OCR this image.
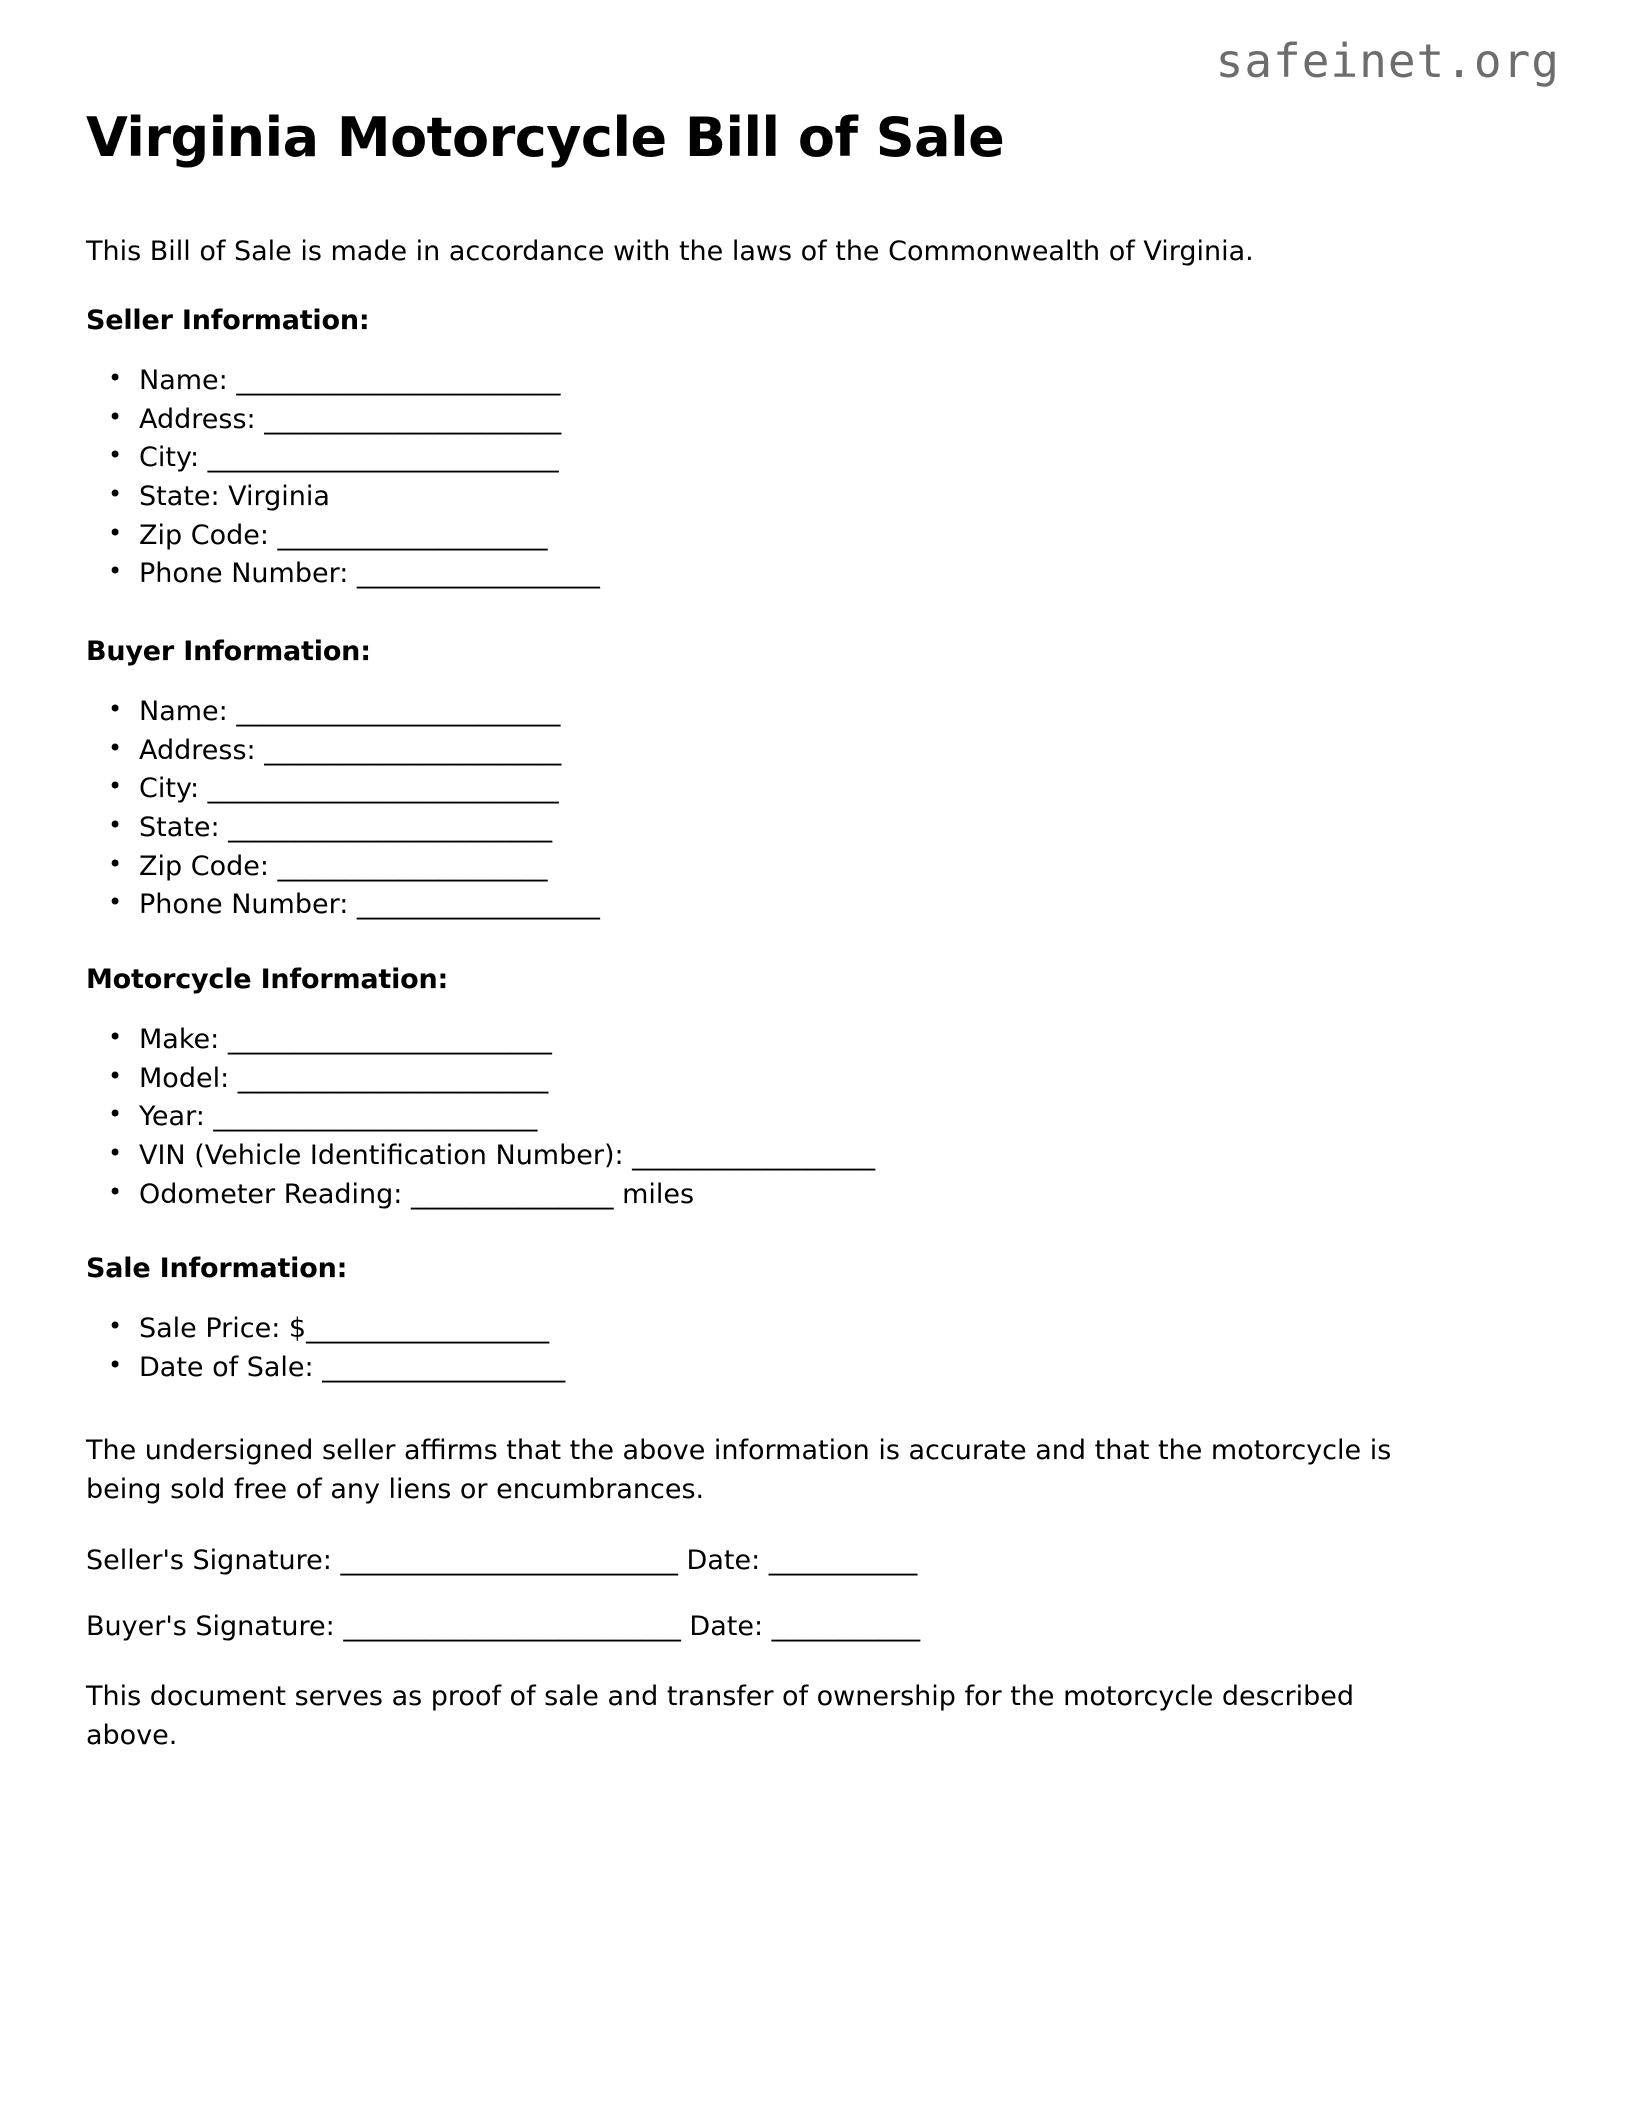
safeinet.org
Virginia Motorcycle Bill of Sale

This Bill of Sale is made in accordance with the laws of the Commonwealth of Virginia.

Seller Information:
• Name: ________________________
• Address: ______________________
• City: __________________________
• State: Virginia
• Zip Code: ____________________
• Phone Number: __________________
Buyer Information:
• Name: ________________________
• Address: ______________________
• City: __________________________
• State: ________________________
• Zip Code: ____________________
• Phone Number: __________________
Motorcycle Information:
• Make: ________________________
• Model: _______________________
• Year: ________________________
• VIN (Vehicle Identification Number): __________________
• Odometer Reading: _______________ miles
Sale Information:
• Sale Price: $__________________
• Date of Sale: __________________

The undersigned seller affirms that the above information is accurate and that the motorcycle is being sold free of any liens or encumbrances.

Seller's Signature: _________________________ Date: ___________

Buyer's Signature: _________________________ Date: ___________

This document serves as proof of sale and transfer of ownership for the motorcycle described above.
